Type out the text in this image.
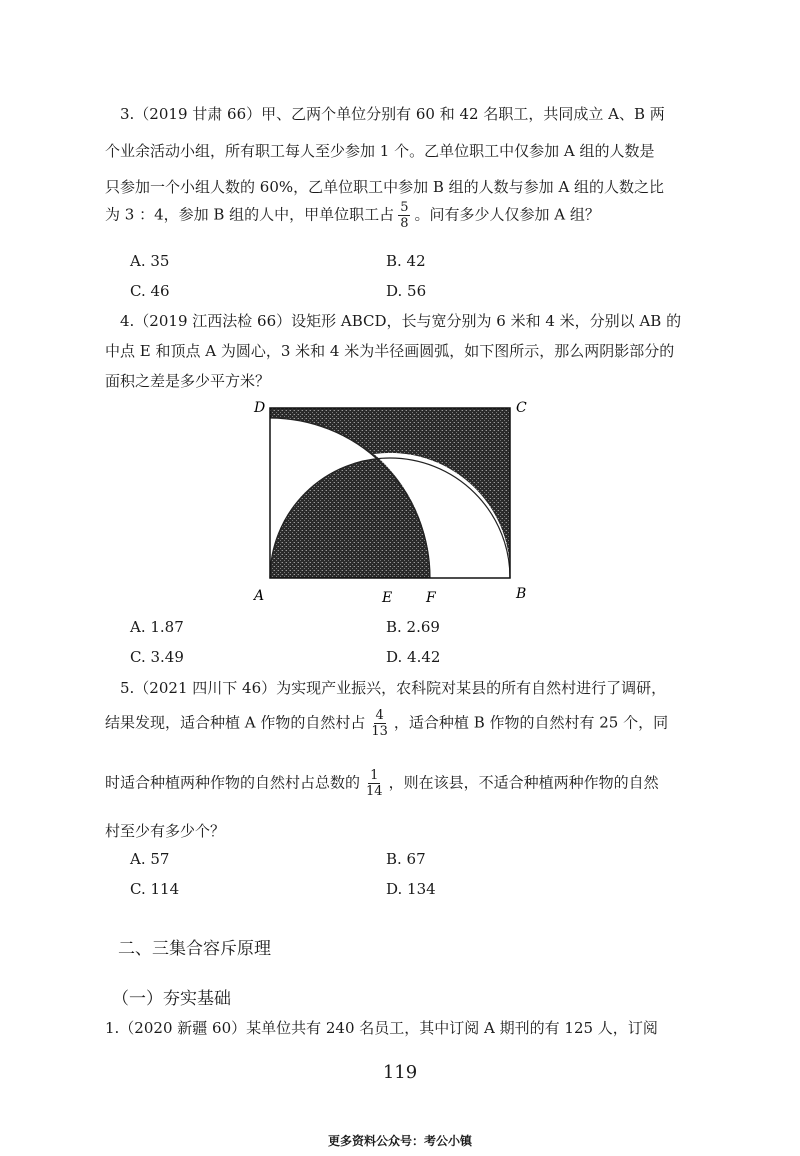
3.（2019 甘肃 66）甲、乙两个单位分别有 60 和 42 名职工，共同成立 A、B 两
个业余活动小组，所有职工每人至少参加 1 个。乙单位职工中仅参加 A 组的人数是
只参加一个小组人数的 60%，乙单位职工中参加 B 组的人数与参加 A 组的人数之比
为 3 ：4，参加 B 组的人中，甲单位职工占 $\frac{5}{8}$ 。问有多少人仅参加 A 组？
A. 35	B. 42
C. 46	D. 56
4.（2019 江西法检 66）设矩形 ABCD，长与宽分别为 6 米和 4 米，分别以 AB 的
中点 E 和顶点 A 为圆心，3 米和 4 米为半径画圆弧，如下图所示，那么两阴影部分的
面积之差是多少平方米？
D	C
A	E F	B
A. 1.87	B. 2.69
C. 3.49	D. 4.42
5.（2021 四川下 46）为实现产业振兴，农科院对某县的所有自然村进行了调研，
结果发现，适合种植 A 作物的自然村占 $\frac{4}{13}$ ，适合种植 B 作物的自然村有 25 个，同
时适合种植两种作物的自然村占总数的 $\frac{1}{14}$ ，则在该县，不适合种植两种作物的自然
村至少有多少个？
A. 57	B. 67
C. 114	D. 134
二、三集合容斥原理
（一）夯实基础
1.（2020 新疆 60）某单位共有 240 名员工，其中订阅 A 期刊的有 125 人，订阅
119
更多资料公众号：考公小镇
